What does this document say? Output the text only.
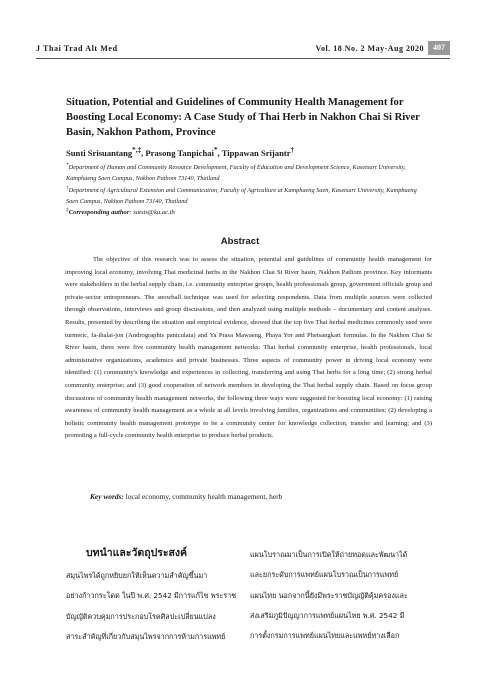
J Thai Trad Alt Med	Vol. 18 No. 2 May-Aug 2020	407
Situation, Potential and Guidelines of Community Health Management for Boosting Local Economy: A Case Study of Thai Herb in Nakhon Chai Si River Basin, Nakhon Pathom, Province
Sunti Srisuantang*,‡, Prasong Tanpichai*, Tippawan Srijantr†
*Department of Human and Community Resource Development, Faculty of Education and Development Science, Kasetsart University, Kamphaeng Saen Campus, Nakhon Pathom 73140, Thailand
†Department of Agricultural Extension and Communication, Faculty of Agriculture at Kamphaeng Saen, Kasetsart University, Kamphaeng Saen Campus, Nakhon Pathom 73140, Thailand
‡Corresponding author: satsts@ku.ac.th
Abstract
The objective of this research was to assess the situation, potential and guidelines of community health management for improving local economy, involving Thai medicinal herbs in the Nakhon Chai Si River basin, Nakhon Pathom province. Key informants were stakeholders in the herbal supply chain, i.e. community enterprise groups, health professionals group, government officials group and private-sector entrepreneurs. The snowball technique was used for selecting respondents. Data from multiple sources were collected through observations, interviews and group discussions, and then analyzed using multiple methods – documentary and content analyses. Results, presented by describing the situation and empirical evidence, showed that the top five Thai herbal medicines commonly used were turmeric, fa-thalai-jon (Andrographis paniculata) and Ya Prasa Mawaeng, Phaya Yor and Phetsangkart formulas. In the Nakhon Chai Si River basin, there were five community health management networks: Thai herbal community enterprise, health professionals, local administrative organizations, academics and private businesses. Three aspects of community power in driving local economy were identified: (1) community's knowledge and experiences in collecting, transferring and using Thai herbs for a long time; (2) strong herbal community enterprise; and (3) good cooperation of network members in developing the Thai herbal supply chain. Based on focus group discussions of community health management networks, the following three ways were suggested for boosting local economy: (1) raising awareness of community health management as a whole at all levels involving families, organizations and communities; (2) developing a holistic community health management prototype to be a community center for knowledge collection, transfer and learning; and (3) promoting a full-cycle community health enterprise to produce herbal products.
Key words: local economy, community health management, herb
บทนำและวัตถุประสงค์
สมุนไพรได้ถูกหยิบยกให้เห็นความสำคัญขึ้นมา
อย่างก้าวกระโดด ในปี พ.ศ. 2542 มีการแก้ไข พระราช
บัญญัติควบคุมการประกอบโรคศิลปะเปลี่ยนแปลง
สาระสำคัญที่เกี่ยวกับสมุนไพรจากการห้ามการแพทย์
แผนโบราณมาเป็นการเปิดให้ถ่ายทอดและพัฒนาได้
และยกระดับการแพทย์แผนโบราณเป็นการแพทย์
แผนไทย นอกจากนี้ยังมีพระราชบัญญัติคุ้มครองและ
ส่งเสริมภูมิปัญญาการแพทย์แผนไทย พ.ศ. 2542 มี
การตั้งกรมการแพทย์แผนไทยและแพทย์ทางเลือก
